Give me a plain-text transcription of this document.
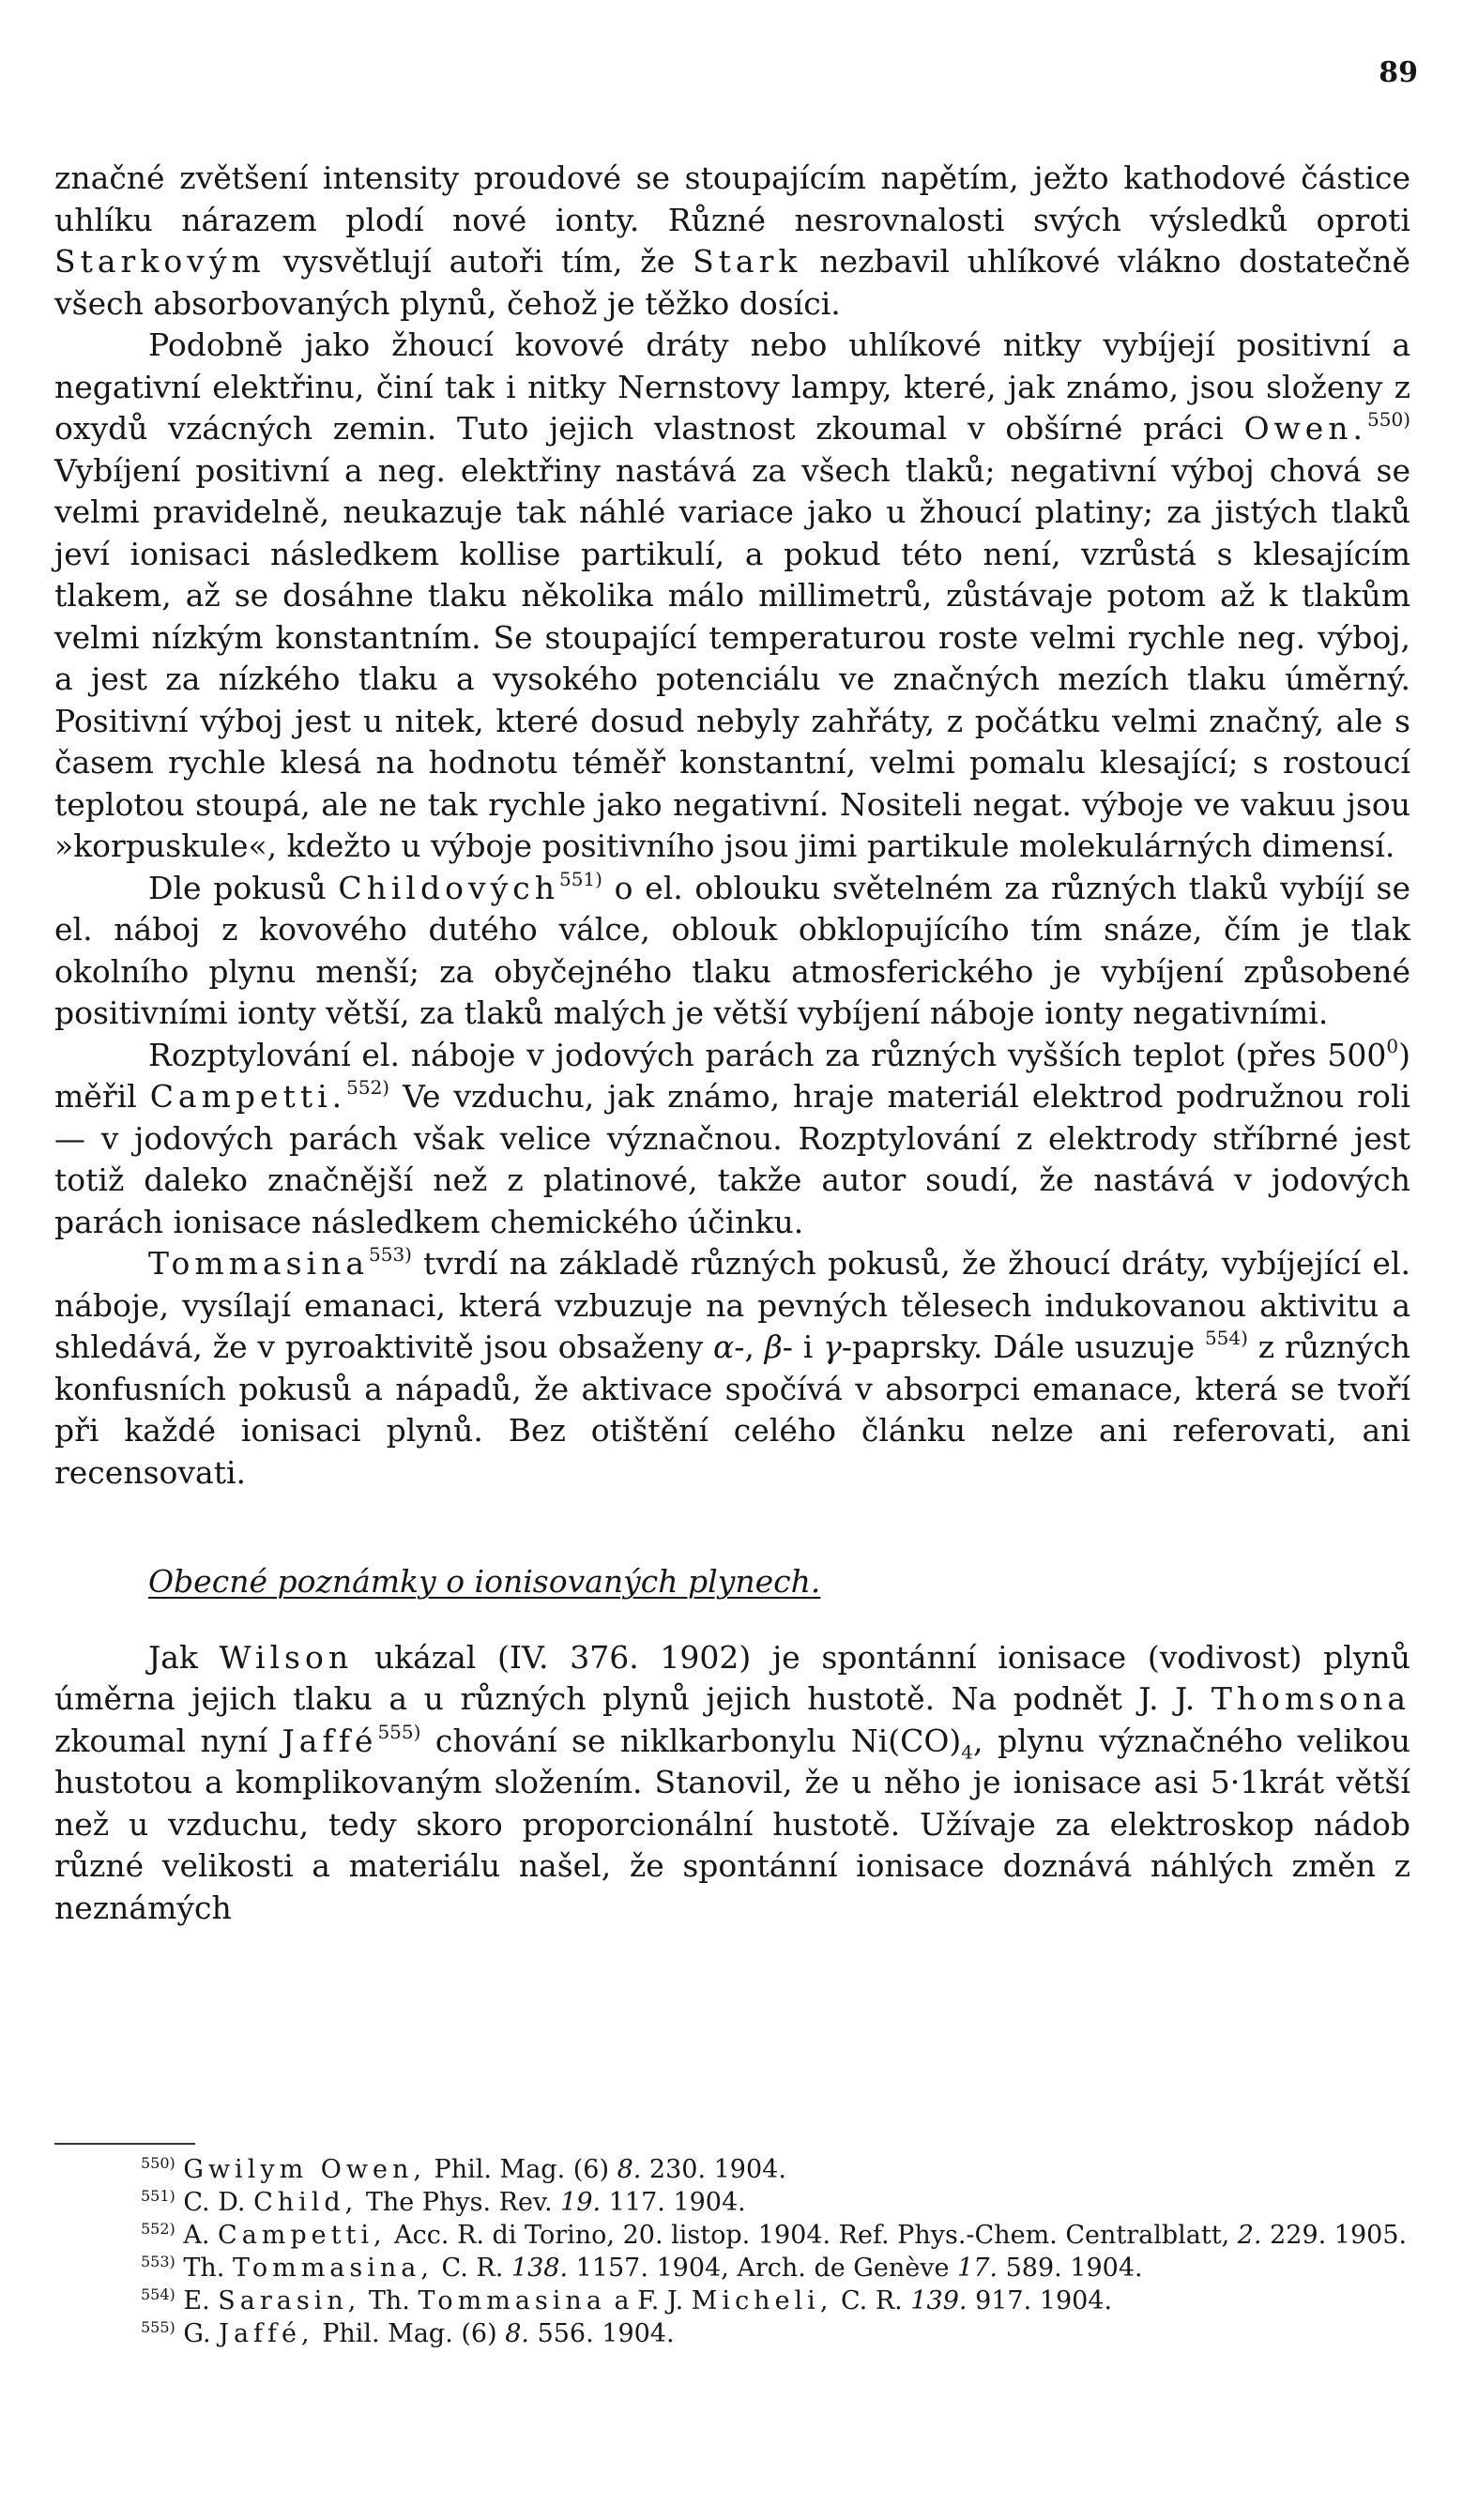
89

značné zvětšení intensity proudové se stoupajícím napětím, ježto kathodové částice uhlíku nárazem plodí nové ionty. Různé nesrovnalosti svých výsledků oproti Starkovým vysvětlují autoři tím, že Stark nezbavil uhlíkové vlákno dostatečně všech absorbovaných plynů, čehož je těžko dosíci.

Podobně jako žhoucí kovové dráty nebo uhlíkové nitky vybíjejí positivní a negativní elektřinu, činí tak i nitky Nernstovy lampy, které, jak známo, jsou složeny z oxydů vzácných zemin. Tuto jejich vlastnost zkoumal v obšírné práci Owen.$^{550)}$ Vybíjení positivní a neg. elektřiny nastává za všech tlaků; negativní výboj chová se velmi pravidelně, neukazuje tak náhlé variace jako u žhoucí platiny; za jistých tlaků jeví ionisaci následkem kollise partikulí, a pokud této není, vzrůstá s klesajícím tlakem, až se dosáhne tlaku několika málo millimetrů, zůstávaje potom až k tlakům velmi nízkým konstantním. Se stoupající temperaturou roste velmi rychle neg. výboj, a jest za nízkého tlaku a vysokého potenciálu ve značných mezích tlaku úměrný. Positivní výboj jest u nitek, které dosud nebyly zahřáty, z počátku velmi značný, ale s časem rychle klesá na hodnotu téměř konstantní, velmi pomalu klesající; s rostoucí teplotou stoupá, ale ne tak rychle jako negativní. Nositeli negat. výboje ve vakuu jsou »korpuskule«, kdežto u výboje positivního jsou jimi partikule molekulárných dimensí.

Dle pokusů Childových$^{551)}$ o el. oblouku světelném za různých tlaků vybíjí se el. náboj z kovového dutého válce, oblouk obklopujícího tím snáze, čím je tlak okolního plynu menší; za obyčejného tlaku atmosferického je vybíjení způsobené positivními ionty větší, za tlaků malých je větší vybíjení náboje ionty negativními.

Rozptylování el. náboje v jodových parách za různých vyšších teplot (přes $500^0$) měřil Campetti.$^{552)}$ Ve vzduchu, jak známo, hraje materiál elektrod podružnou roli — v jodových parách však velice význačnou. Rozptylování z elektrody stříbrné jest totiž daleko značnější než z platinové, takže autor soudí, že nastává v jodových parách ionisace následkem chemického účinku.

Tommasina$^{553)}$ tvrdí na základě různých pokusů, že žhoucí dráty, vybíjející el. náboje, vysílají emanaci, která vzbuzuje na pevných tělesech indukovanou aktivitu a shledává, že v pyroaktivitě jsou obsaženy α-, β- i γ-paprsky. Dále usuzuje $^{554)}$ z různých konfusních pokusů a nápadů, že aktivace spočívá v absorpci emanace, která se tvoří při každé ionisaci plynů. Bez otištění celého článku nelze ani referovati, ani recensovati.

Obecné poznámky o ionisovaných plynech.

Jak Wilson ukázal (IV. 376. 1902) je spontánní ionisace (vodivost) plynů úměrna jejich tlaku a u různých plynů jejich hustotě. Na podnět J. J. Thomsona zkoumal nyní Jaffé$^{555)}$ chování se niklkarbonylu $Ni(CO)_4$, plynu význačného velikou hustotou a komplikovaným složením. Stanovil, že u něho je ionisace asi 5·1krát větší než u vzduchu, tedy skoro proporcionální hustotě. Užívaje za elektroskop nádob různé velikosti a materiálu našel, že spontánní ionisace doznává náhlých změn z neznámých

$^{550)}$ Gwilym Owen, Phil. Mag. (6) 8. 230. 1904.

$^{551)}$ C. D. Child, The Phys. Rev. 19. 117. 1904.

$^{552)}$ A. Campetti, Acc. R. di Torino, 20. listop. 1904. Ref. Phys.-Chem. Centralblatt, 2. 229. 1905.

$^{553)}$ Th. Tommasina, C. R. 138. 1157. 1904, Arch. de Genève 17. 589. 1904.

$^{554)}$ E. Sarasin, Th. Tommasina a F. J. Micheli, C. R. 139. 917. 1904.

$^{555)}$ G. Jaffé, Phil. Mag. (6) 8. 556. 1904.
